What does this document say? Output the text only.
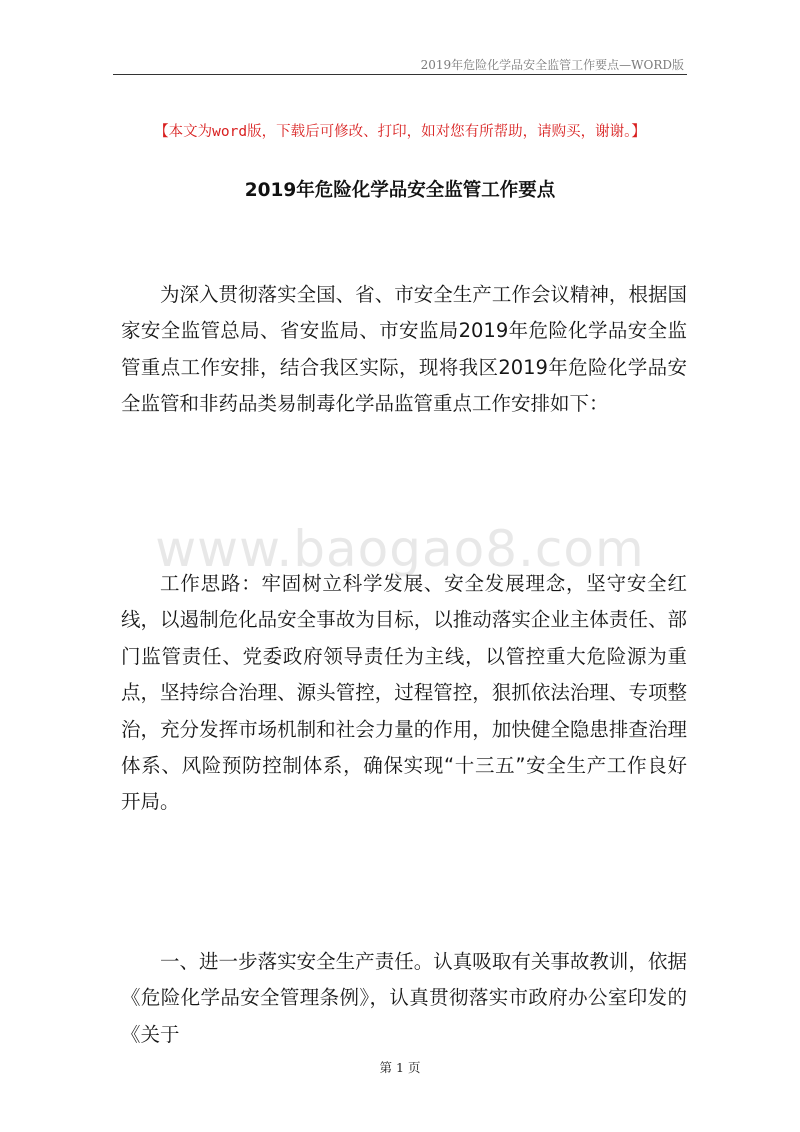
2019年危险化学品安全监管工作要点—WORD版
【本文为word版，下载后可修改、打印，如对您有所帮助，请购买，谢谢。】
2019年危险化学品安全监管工作要点

为深入贯彻落实全国、省、市安全生产工作会议精神，根据国家安全监管总局、省安监局、市安监局2019年危险化学品安全监管重点工作安排，结合我区实际，现将我区2019年危险化学品安全监管和非药品类易制毒化学品监管重点工作安排如下：

www.baogao8.com

工作思路：牢固树立科学发展、安全发展理念，坚守安全红线，以遏制危化品安全事故为目标，以推动落实企业主体责任、部门监管责任、党委政府领导责任为主线，以管控重大危险源为重点，坚持综合治理、源头管控，过程管控，狠抓依法治理、专项整治，充分发挥市场机制和社会力量的作用，加快健全隐患排查治理体系、风险预防控制体系，确保实现“十三五”安全生产工作良好开局。

一、进一步落实安全生产责任。认真吸取有关事故教训，依据《危险化学品安全管理条例》，认真贯彻落实市政府办公室印发的《关于

第 1 页
